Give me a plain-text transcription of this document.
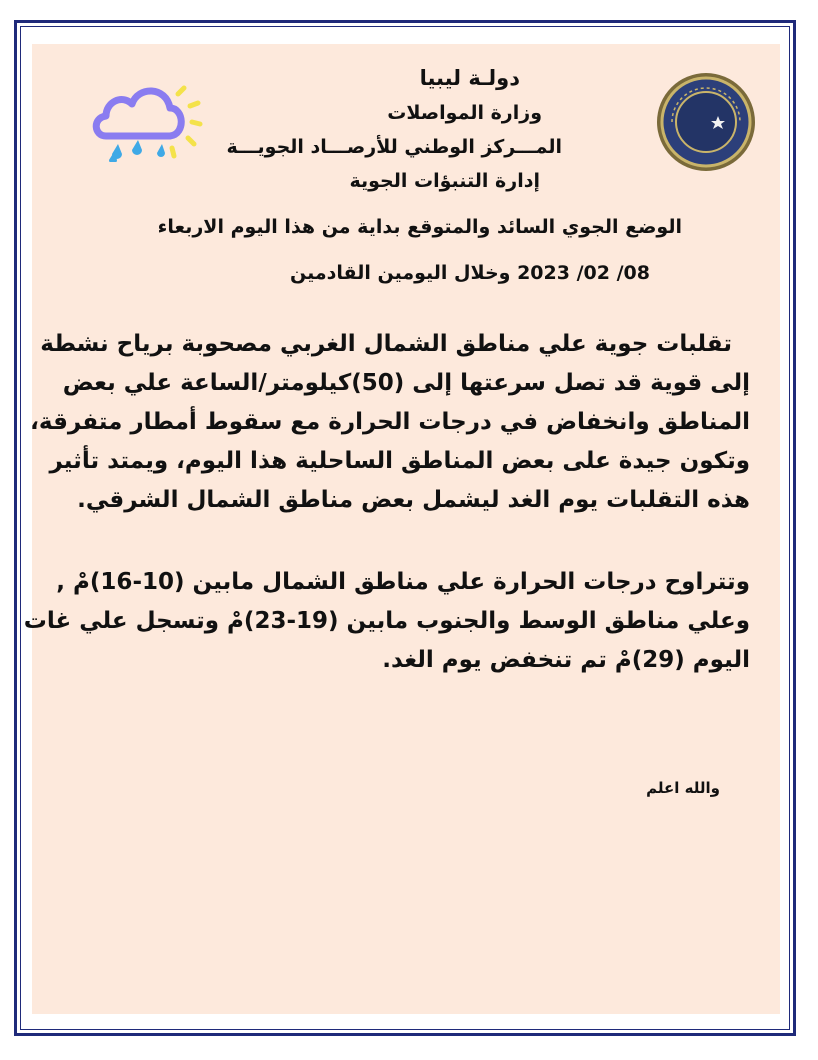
دولـة ليبيا
وزارة المواصلات
المـــركز الوطني للأرصـــاد الجويـــة
إدارة التنبؤات الجوية
الوضع الجوي السائد والمتوقع بداية من هذا اليوم الاربعاء
08/ 02/ 2023 وخلال اليومين القادمين
تقلبات جوية علي مناطق الشمال الغربي مصحوبة برياح نشطة
إلى قوية قد تصل سرعتها إلى (50)كيلومتر/الساعة علي بعض
المناطق وانخفاض في درجات الحرارة مع سقوط أمطار متفرقة،
وتكون جيدة على بعض المناطق الساحلية هذا اليوم، ويمتد تأثير
هذه التقلبات يوم الغد ليشمل بعض مناطق الشمال الشرقي.
وتتراوح درجات الحرارة علي مناطق الشمال مابين (10-16)مْ ,
وعلي مناطق الوسط والجنوب مابين (19-23)مْ وتسجل علي غات
اليوم (29)مْ تم تنخفض يوم الغد.
والله اعلم
